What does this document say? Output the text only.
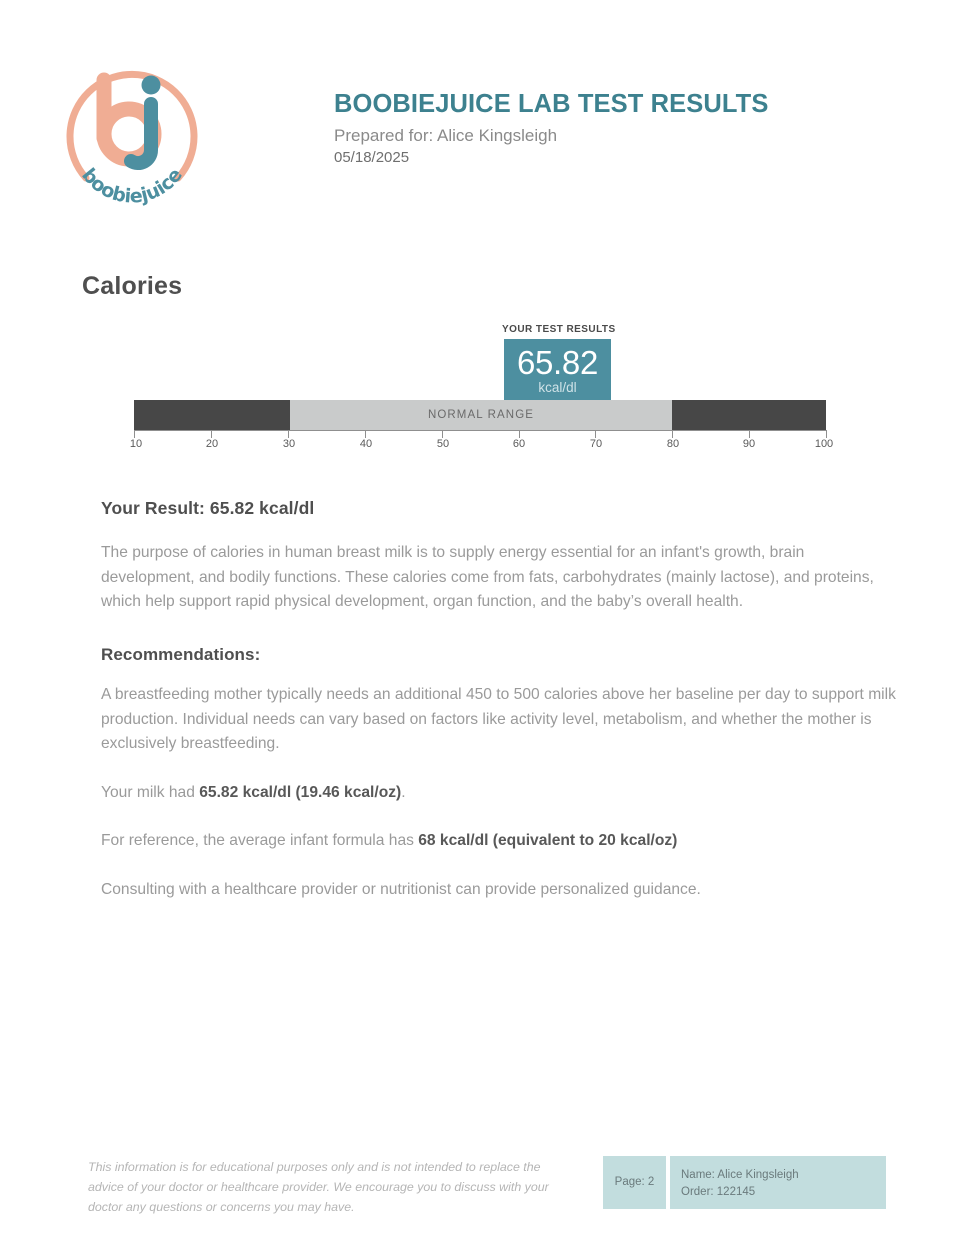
boobiejuice
BOOBIEJUICE LAB TEST RESULTS
Prepared for: Alice Kingsleigh
05/18/2025
Calories
YOUR TEST RESULTS
65.82
kcal/dl
NORMAL RANGE
10	20	30	40	50	60	70	80	90	100
Your Result: 65.82 kcal/dl

The purpose of calories in human breast milk is to supply energy essential for an infant's growth, brain development, and bodily functions. These calories come from fats, carbohydrates (mainly lactose), and proteins, which help support rapid physical development, organ function, and the baby’s overall health.

Recommendations:

A breastfeeding mother typically needs an additional 450 to 500 calories above her baseline per day to support milk production. Individual needs can vary based on factors like activity level, metabolism, and whether the mother is exclusively breastfeeding.

Your milk had 65.82 kcal/dl (19.46 kcal/oz).

For reference, the average infant formula has 68 kcal/dl (equivalent to 20 kcal/oz)

Consulting with a healthcare provider or nutritionist can provide personalized guidance.

This information is for educational purposes only and is not intended to replace the advice of your doctor or healthcare provider. We encourage you to discuss with your doctor any questions or concerns you may have.
Page: 2
Name: Alice Kingsleigh
Order: 122145
